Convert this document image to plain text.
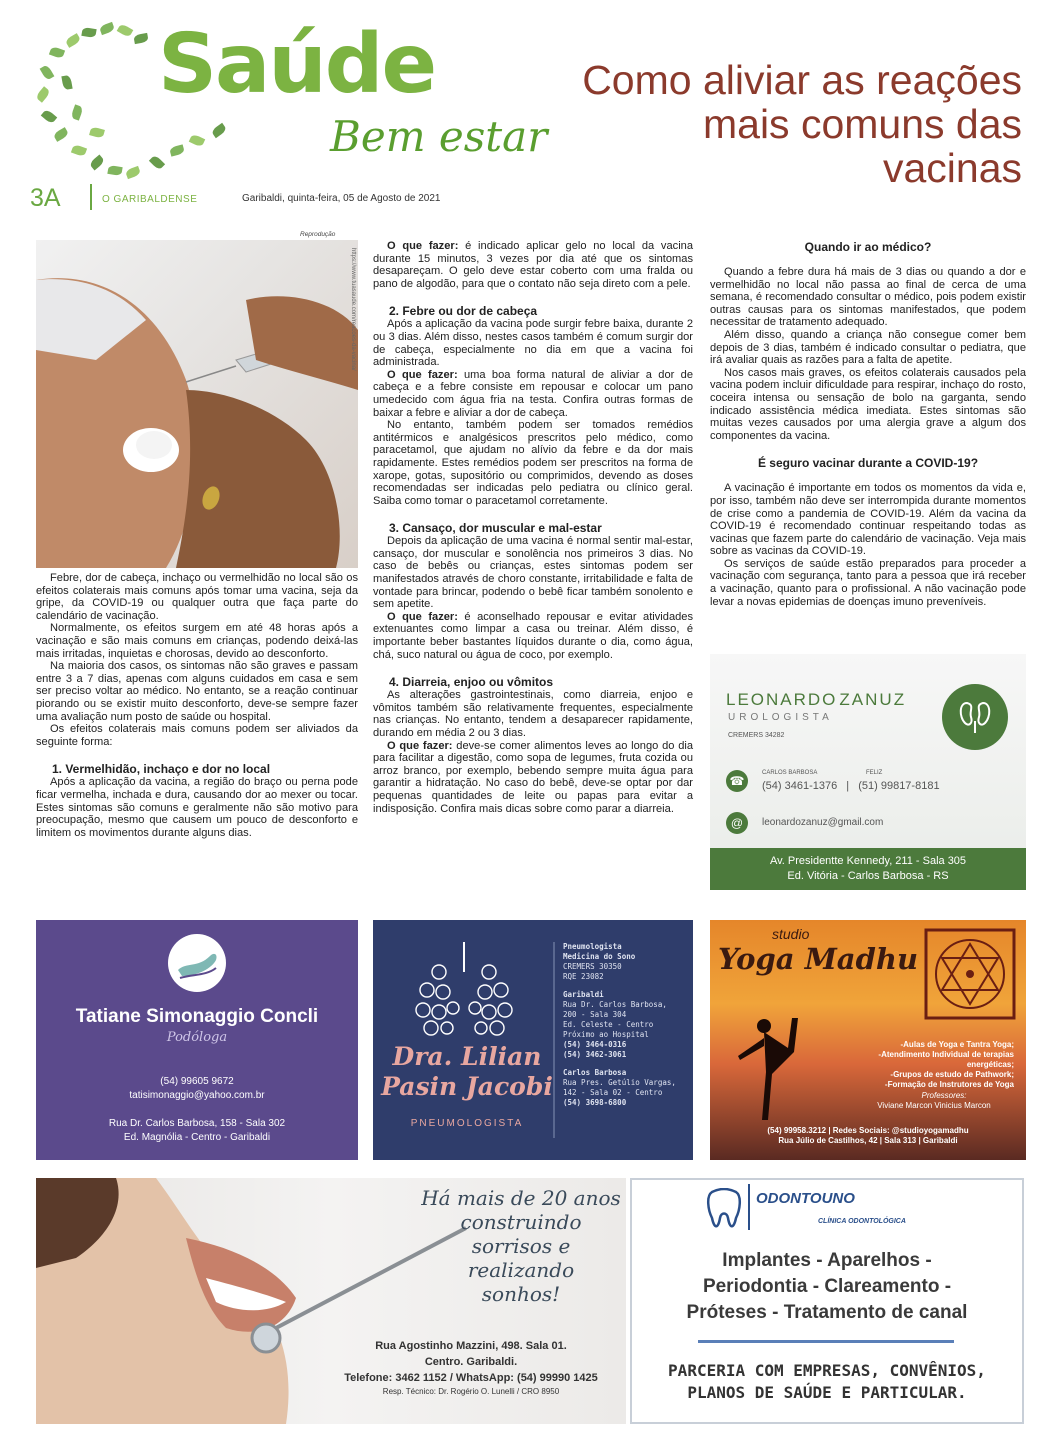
Saúde
Bem estar
3A	O GARIBALDENSE	Garibaldi, quinta-feira, 05 de Agosto de 2021
Como aliviar as reações mais comuns das vacinas
Reprodução
https://www.tuasaude.com/reacoes-da-vacina/

Febre, dor de cabeça, inchaço ou vermelhidão no local são os efeitos colaterais mais comuns após tomar uma vacina, seja da gripe, da COVID-19 ou qualquer outra que faça parte do calendário de vacinação.

Normalmente, os efeitos surgem em até 48 horas após a vacinação e são mais comuns em crianças, podendo deixá-las mais irritadas, inquietas e chorosas, devido ao desconforto.

Na maioria dos casos, os sintomas não são graves e passam entre 3 a 7 dias, apenas com alguns cuidados em casa e sem ser preciso voltar ao médico. No entanto, se a reação continuar piorando ou se existir muito desconforto, deve-se sempre fazer uma avaliação num posto de saúde ou hospital.

Os efeitos colaterais mais comuns podem ser aliviados da seguinte forma:

1. Vermelhidão, inchaço e dor no local

Após a aplicação da vacina, a região do braço ou perna pode ficar vermelha, inchada e dura, causando dor ao mexer ou tocar. Estes sintomas são comuns e geralmente não são motivo para preocupação, mesmo que causem um pouco de desconforto e limitem os movimentos durante alguns dias.

O que fazer: é indicado aplicar gelo no local da vacina durante 15 minutos, 3 vezes por dia até que os sintomas desapareçam. O gelo deve estar coberto com uma fralda ou pano de algodão, para que o contato não seja direto com a pele.

2. Febre ou dor de cabeça

Após a aplicação da vacina pode surgir febre baixa, durante 2 ou 3 dias. Além disso, nestes casos também é comum surgir dor de cabeça, especialmente no dia em que a vacina foi administrada.

O que fazer: uma boa forma natural de aliviar a dor de cabeça e a febre consiste em repousar e colocar um pano umedecido com água fria na testa. Confira outras formas de baixar a febre e aliviar a dor de cabeça.

No entanto, também podem ser tomados remédios antitérmicos e analgésicos prescritos pelo médico, como paracetamol, que ajudam no alívio da febre e da dor mais rapidamente. Estes remédios podem ser prescritos na forma de xarope, gotas, supositório ou comprimidos, devendo as doses recomendadas ser indicadas pelo pediatra ou clínico geral. Saiba como tomar o paracetamol corretamente.

3. Cansaço, dor muscular e mal-estar

Depois da aplicação de uma vacina é normal sentir mal-estar, cansaço, dor muscular e sonolência nos primeiros 3 dias. No caso de bebês ou crianças, estes sintomas podem ser manifestados através de choro constante, irritabilidade e falta de vontade para brincar, podendo o bebê ficar também sonolento e sem apetite.

O que fazer: é aconselhado repousar e evitar atividades extenuantes como limpar a casa ou treinar. Além disso, é importante beber bastantes líquidos durante o dia, como água, chá, suco natural ou água de coco, por exemplo.

4. Diarreia, enjoo ou vômitos

As alterações gastrointestinais, como diarreia, enjoo e vômitos também são relativamente frequentes, especialmente nas crianças. No entanto, tendem a desaparecer rapidamente, durando em média 2 ou 3 dias.

O que fazer: deve-se comer alimentos leves ao longo do dia para facilitar a digestão, como sopa de legumes, fruta cozida ou arroz branco, por exemplo, bebendo sempre muita água para garantir a hidratação. No caso do bebê, deve-se optar por dar pequenas quantidades de leite ou papas para evitar a indisposição. Confira mais dicas sobre como parar a diarreia.

Quando ir ao médico?

Quando a febre dura há mais de 3 dias ou quando a dor e vermelhidão no local não passa ao final de cerca de uma semana, é recomendado consultar o médico, pois podem existir outras causas para os sintomas manifestados, que podem necessitar de tratamento adequado.

Além disso, quando a criança não consegue comer bem depois de 3 dias, também é indicado consultar o pediatra, que irá avaliar quais as razões para a falta de apetite.

Nos casos mais graves, os efeitos colaterais causados pela vacina podem incluir dificuldade para respirar, inchaço do rosto, coceira intensa ou sensação de bolo na garganta, sendo indicado assistência médica imediata. Estes sintomas são muitas vezes causados por uma alergia grave a algum dos componentes da vacina.

É seguro vacinar durante a COVID-19?

A vacinação é importante em todos os momentos da vida e, por isso, também não deve ser interrompida durante momentos de crise como a pandemia de COVID-19. Além da vacina da COVID-19 é recomendado continuar respeitando todas as vacinas que fazem parte do calendário de vacinação. Veja mais sobre as vacinas da COVID-19.

Os serviços de saúde estão preparados para proceder a vacinação com segurança, tanto para a pessoa que irá receber a vacinação, quanto para o profissional. A não vacinação pode levar a novas epidemias de doenças imuno preveníveis.

LEONARDO ZANUZ
UROLOGISTA
CREMERS 34282
☎
CARLOS BARBOSA	FELIZ
(54) 3461-1376 | (51) 99817-8181
@	leonardozanuz@gmail.com
Av. Presidentte Kennedy, 211 - Sala 305
Ed. Vitória - Carlos Barbosa - RS
Tatiane Simonaggio Concli
Podóloga
(54) 99605 9672
tatisimonaggio@yahoo.com.br
Rua Dr. Carlos Barbosa, 158 - Sala 302
Ed. Magnólia - Centro - Garibaldi
Dra. Lilian
Pasin Jacobi
PNEUMOLOGISTA
Pneumologista
Medicina do Sono
CREMERS 30350
RQE 23082
Garibaldi
Rua Dr. Carlos Barbosa,
200 - Sala 304
Ed. Celeste - Centro
Próximo ao Hospital
(54) 3464-0316
(54) 3462-3061
Carlos Barbosa
Rua Pres. Getúlio Vargas,
142 - Sala 02 - Centro
(54) 3698-6800
studio
Yoga Madhu
-Aulas de Yoga e Tantra Yoga;
-Atendimento Individual de terapias
energéticas;
-Grupos de estudo de Pathwork;
-Formação de Instrutores de Yoga
Professores:
Viviane Marcon Vinicius Marcon
(54) 99958.3212 | Redes Sociais: @studioyogamadhu
Rua Júlio de Castilhos, 42 | Sala 313 | Garibaldi
Há mais de 20 anos
construindo
sorrisos e realizando
sonhos!
Rua Agostinho Mazzini, 498. Sala 01.
Centro. Garibaldi.
Telefone: 3462 1152 / WhatsApp: (54) 99990 1425
Resp. Técnico: Dr. Rogério O. Lunelli / CRO 8950
ODONTOUNO
CLÍNICA ODONTOLÓGICA
Implantes - Aparelhos -
Periodontia - Clareamento -
Próteses - Tratamento de canal
PARCERIA COM EMPRESAS, CONVÊNIOS,
PLANOS DE SAÚDE E PARTICULAR.
